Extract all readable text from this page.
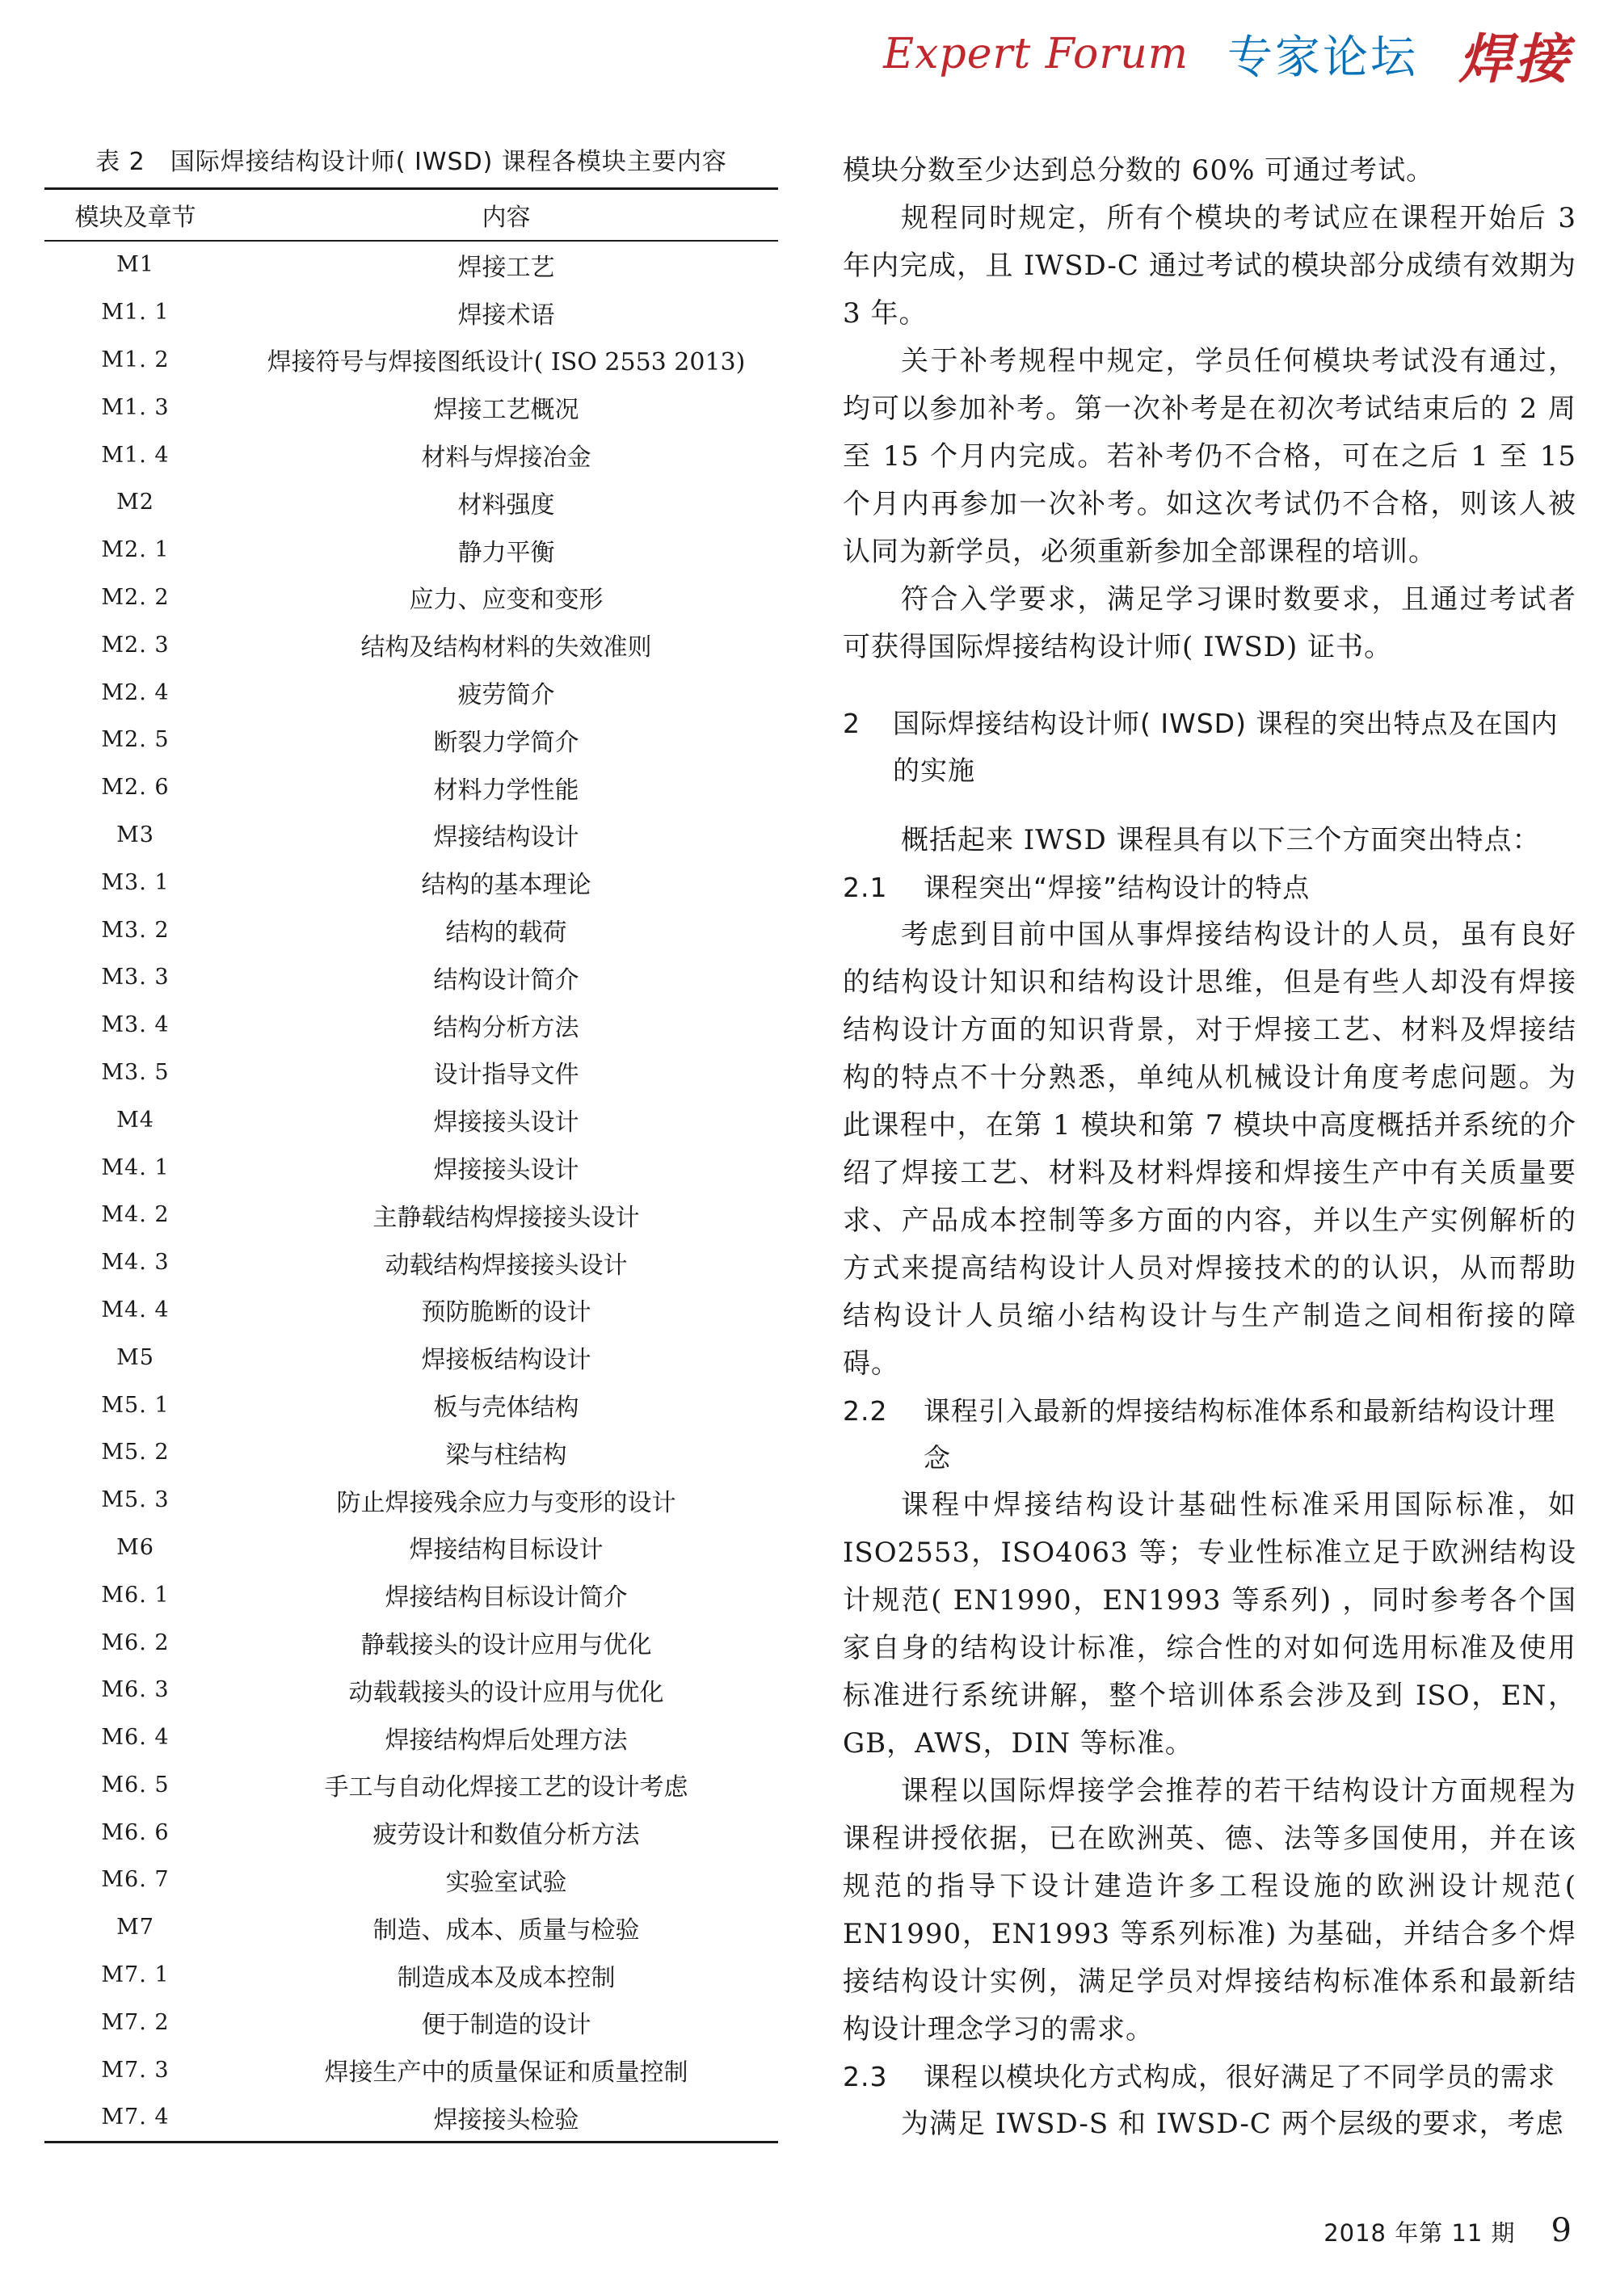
Expert Forum 专家论坛 焊接
表 2　国际焊接结构设计师( IWSD) 课程各模块主要内容
模块及章节	内容
M1	焊接工艺
M1. 1	焊接术语
M1. 2	焊接符号与焊接图纸设计( ISO 2553 2013)
M1. 3	焊接工艺概况
M1. 4	材料与焊接冶金
M2	材料强度
M2. 1	静力平衡
M2. 2	应力、应变和变形
M2. 3	结构及结构材料的失效准则
M2. 4	疲劳简介
M2. 5	断裂力学简介
M2. 6	材料力学性能
M3	焊接结构设计
M3. 1	结构的基本理论
M3. 2	结构的载荷
M3. 3	结构设计简介
M3. 4	结构分析方法
M3. 5	设计指导文件
M4	焊接接头设计
M4. 1	焊接接头设计
M4. 2	主静载结构焊接接头设计
M4. 3	动载结构焊接接头设计
M4. 4	预防脆断的设计
M5	焊接板结构设计
M5. 1	板与壳体结构
M5. 2	梁与柱结构
M5. 3	防止焊接残余应力与变形的设计
M6	焊接结构目标设计
M6. 1	焊接结构目标设计简介
M6. 2	静载接头的设计应用与优化
M6. 3	动载载接头的设计应用与优化
M6. 4	焊接结构焊后处理方法
M6. 5	手工与自动化焊接工艺的设计考虑
M6. 6	疲劳设计和数值分析方法
M6. 7	实验室试验
M7	制造、成本、质量与检验
M7. 1	制造成本及成本控制
M7. 2	便于制造的设计
M7. 3	焊接生产中的质量保证和质量控制
M7. 4	焊接接头检验

模块分数至少达到总分数的 60% 可通过考试。

规程同时规定，所有个模块的考试应在课程开始后 3 年内完成，且 IWSD-C 通过考试的模块部分成绩有效期为 3 年。

关于补考规程中规定，学员任何模块考试没有通过，均可以参加补考。第一次补考是在初次考试结束后的 2 周至 15 个月内完成。若补考仍不合格，可在之后 1 至 15 个月内再参加一次补考。如这次考试仍不合格，则该人被认同为新学员，必须重新参加全部课程的培训。

符合入学要求，满足学习课时数要求，且通过考试者可获得国际焊接结构设计师( IWSD) 证书。

2	国际焊接结构设计师( IWSD) 课程的突出特点及在国内的实施

概括起来 IWSD 课程具有以下三个方面突出特点：

2.1	课程突出“焊接”结构设计的特点

考虑到目前中国从事焊接结构设计的人员，虽有良好的结构设计知识和结构设计思维，但是有些人却没有焊接结构设计方面的知识背景，对于焊接工艺、材料及焊接结构的特点不十分熟悉，单纯从机械设计角度考虑问题。为此课程中，在第 1 模块和第 7 模块中高度概括并系统的介绍了焊接工艺、材料及材料焊接和焊接生产中有关质量要求、产品成本控制等多方面的内容，并以生产实例解析的方式来提高结构设计人员对焊接技术的的认识，从而帮助结构设计人员缩小结构设计与生产制造之间相衔接的障碍。

2.2	课程引入最新的焊接结构标准体系和最新结构设计理念

课程中焊接结构设计基础性标准采用国际标准，如 ISO2553，ISO4063 等；专业性标准立足于欧洲结构设计规范( EN1990，EN1993 等系列) ，同时参考各个国家自身的结构设计标准，综合性的对如何选用标准及使用标准进行系统讲解，整个培训体系会涉及到 ISO，EN，GB，AWS，DIN 等标准。

课程以国际焊接学会推荐的若干结构设计方面规程为课程讲授依据，已在欧洲英、德、法等多国使用，并在该规范的指导下设计建造许多工程设施的欧洲设计规范( EN1990，EN1993 等系列标准) 为基础，并结合多个焊接结构设计实例，满足学员对焊接结构标准体系和最新结构设计理念学习的需求。

2.3	课程以模块化方式构成，很好满足了不同学员的需求

为满足 IWSD-S 和 IWSD-C 两个层级的要求，考虑

2018 年第 11 期 9
